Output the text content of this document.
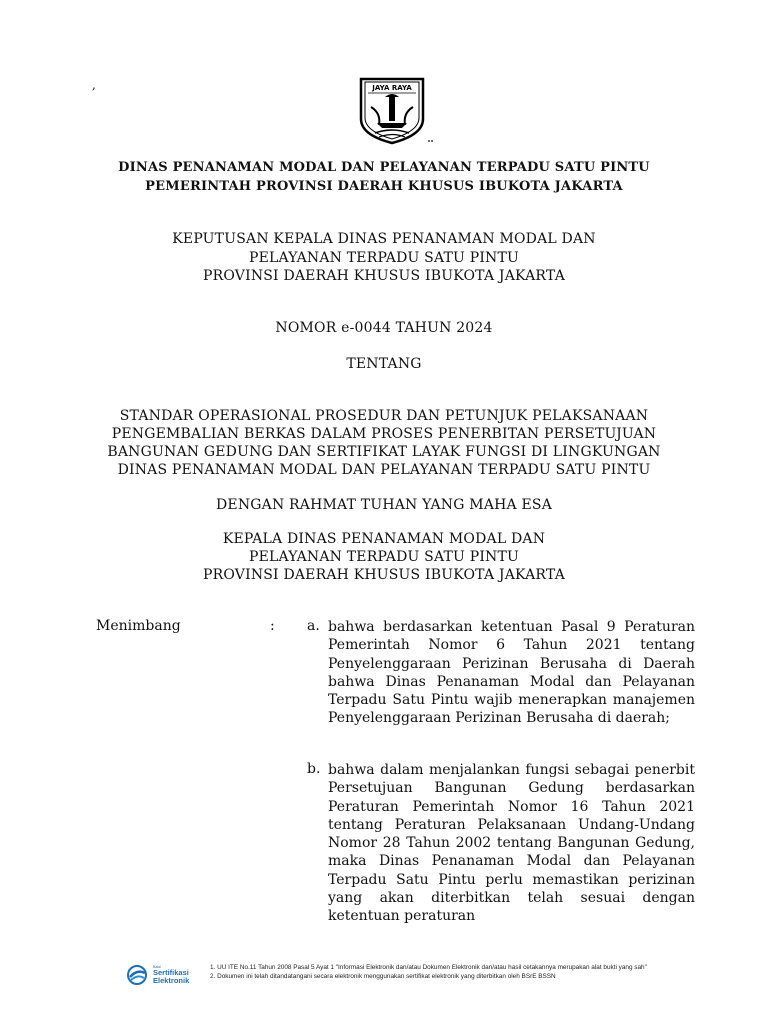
,	JAYA RAYA
DINAS PENANAMAN MODAL DAN PELAYANAN TERPADU SATU PINTU
PEMERINTAH PROVINSI DAERAH KHUSUS IBUKOTA JAKARTA
KEPUTUSAN KEPALA DINAS PENANAMAN MODAL DAN
PELAYANAN TERPADU SATU PINTU
PROVINSI DAERAH KHUSUS IBUKOTA JAKARTA
NOMOR e-0044 TAHUN 2024
TENTANG
STANDAR OPERASIONAL PROSEDUR DAN PETUNJUK PELAKSANAAN
PENGEMBALIAN BERKAS DALAM PROSES PENERBITAN PERSETUJUAN
BANGUNAN GEDUNG DAN SERTIFIKAT LAYAK FUNGSI DI LINGKUNGAN
DINAS PENANAMAN MODAL DAN PELAYANAN TERPADU SATU PINTU
DENGAN RAHMAT TUHAN YANG MAHA ESA
KEPALA DINAS PENANAMAN MODAL DAN
PELAYANAN TERPADU SATU PINTU
PROVINSI DAERAH KHUSUS IBUKOTA JAKARTA
Menimbang	: a. bahwa berdasarkan ketentuan Pasal 9 Peraturan Pemerintah Nomor 6 Tahun 2021 tentang Penyelenggaraan Perizinan Berusaha di Daerah bahwa Dinas Penanaman Modal dan Pelayanan Terpadu Satu Pintu wajib menerapkan manajemen Penyelenggaraan Perizinan Berusaha di daerah;
b. bahwa dalam menjalankan fungsi sebagai penerbit Persetujuan Bangunan Gedung berdasarkan Peraturan Pemerintah Nomor 16 Tahun 2021 tentang Peraturan Pelaksanaan Undang-Undang Nomor 28 Tahun 2002 tentang Bangunan Gedung, maka Dinas Penanaman Modal dan Pelayanan Terpadu Satu Pintu perlu memastikan perizinan yang akan diterbitkan telah sesuai dengan ketentuan peraturan
Balai
Sertifikasi
Elektronik
1. UU ITE No.11 Tahun 2008 Pasal 5 Ayat 1 "Informasi Elektronik dan/atau Dokumen Elektronik dan/atau hasil cetakannya merupakan alat bukti yang sah"
2. Dokumen ini telah ditandatangani secara elektronik menggunakan sertifikat elektronik yang diterbitkan oleh BSrE BSSN
